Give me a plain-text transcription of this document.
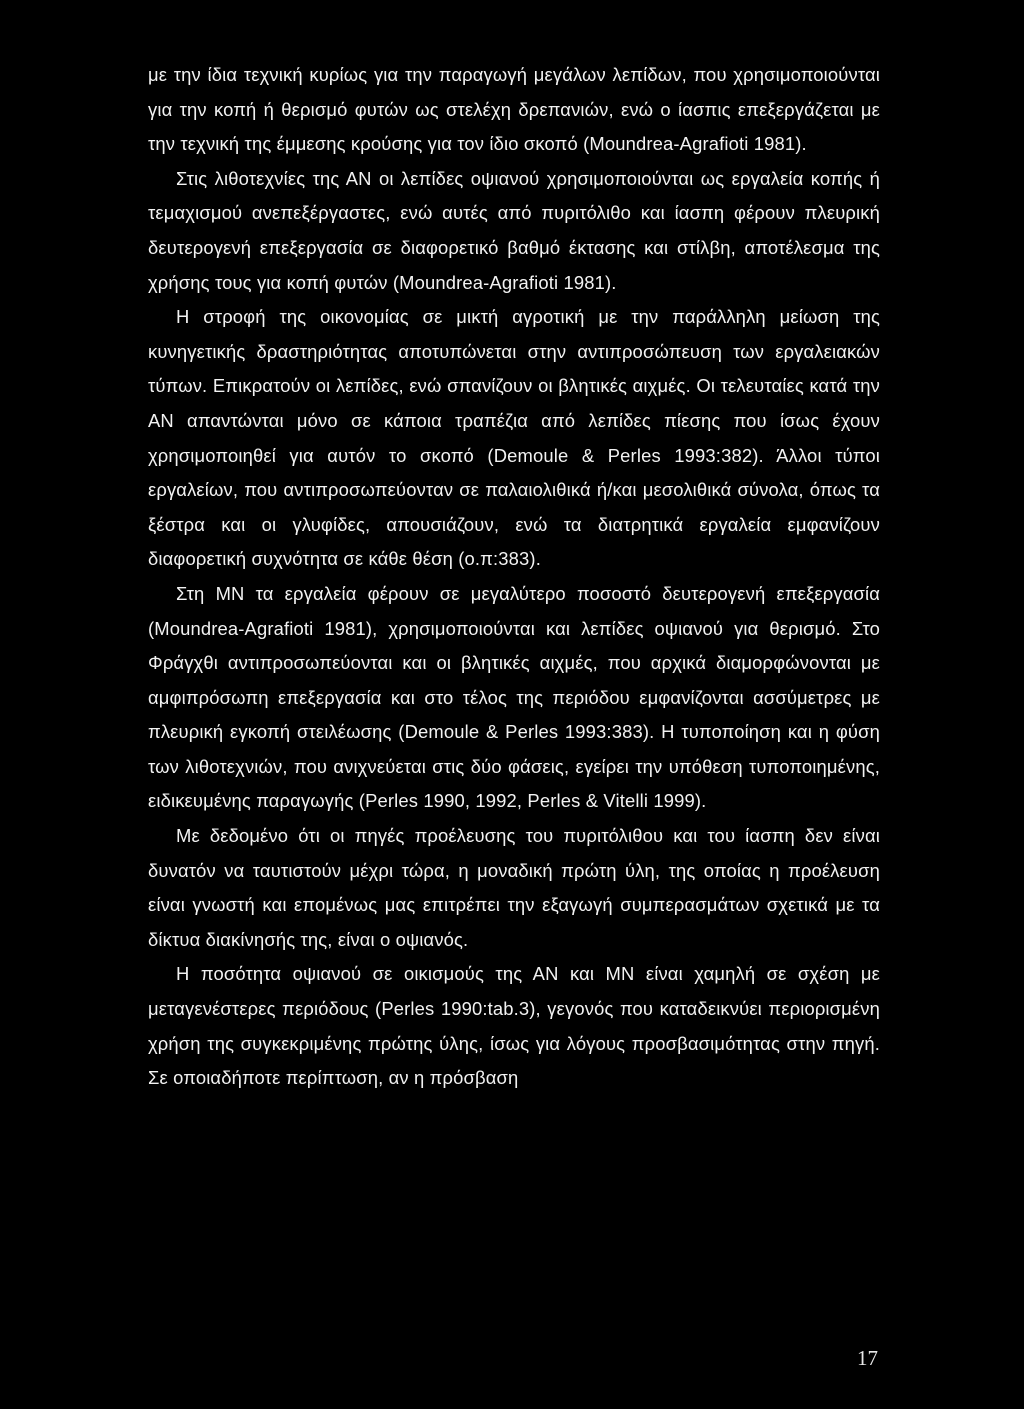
με την ίδια τεχνική κυρίως για την παραγωγή μεγάλων λεπίδων, που χρησιμοποιούνται για την κοπή ή θερισμό φυτών ως στελέχη δρεπανιών, ενώ ο ίασπις επεξεργάζεται με την τεχνική της έμμεσης κρούσης για τον ίδιο σκοπό (Moundrea-Agrafioti 1981).

Στις λιθοτεχνίες της ΑΝ οι λεπίδες οψιανού χρησιμοποιούνται ως εργαλεία κοπής ή τεμαχισμού ανεπεξέργαστες, ενώ αυτές από πυριτόλιθο και ίασπη φέρουν πλευρική δευτερογενή επεξεργασία σε διαφορετικό βαθμό έκτασης και στίλβη, αποτέλεσμα της χρήσης τους για κοπή φυτών (Moundrea-Agrafioti 1981).

Η στροφή της οικονομίας σε μικτή αγροτική με την παράλληλη μείωση της κυνηγετικής δραστηριότητας αποτυπώνεται στην αντιπροσώπευση των εργαλειακών τύπων. Επικρατούν οι λεπίδες, ενώ σπανίζουν οι βλητικές αιχμές. Οι τελευταίες κατά την ΑΝ απαντώνται μόνο σε κάποια τραπέζια από λεπίδες πίεσης που ίσως έχουν χρησιμοποιηθεί για αυτόν το σκοπό (Demoule & Perles 1993:382). Άλλοι τύποι εργαλείων, που αντιπροσωπεύονταν σε παλαιολιθικά ή/και μεσολιθικά σύνολα, όπως τα ξέστρα και οι γλυφίδες, απουσιάζουν, ενώ τα διατρητικά εργαλεία εμφανίζουν διαφορετική συχνότητα σε κάθε θέση (ο.π:383).

Στη ΜΝ τα εργαλεία φέρουν σε μεγαλύτερο ποσοστό δευτερογενή επεξεργασία (Moundrea-Agrafioti 1981), χρησιμοποιούνται και λεπίδες οψιανού για θερισμό. Στο Φράγχθι αντιπροσωπεύονται και οι βλητικές αιχμές, που αρχικά διαμορφώνονται με αμφιπρόσωπη επεξεργασία και στο τέλος της περιόδου εμφανίζονται ασσύμετρες με πλευρική εγκοπή στειλέωσης (Demoule & Perles 1993:383). Η τυποποίηση και η φύση των λιθοτεχνιών, που ανιχνεύεται στις δύο φάσεις, εγείρει την υπόθεση τυποποιημένης, ειδικευμένης παραγωγής (Perles 1990, 1992, Perles & Vitelli 1999).

Με δεδομένο ότι οι πηγές προέλευσης του πυριτόλιθου και του ίασπη δεν είναι δυνατόν να ταυτιστούν μέχρι τώρα, η μοναδική πρώτη ύλη, της οποίας η προέλευση είναι γνωστή και επομένως μας επιτρέπει την εξαγωγή συμπερασμάτων σχετικά με τα δίκτυα διακίνησής της, είναι ο οψιανός.

Η ποσότητα οψιανού σε οικισμούς της ΑΝ και ΜΝ είναι χαμηλή σε σχέση με μεταγενέστερες περιόδους (Perles 1990:tab.3), γεγονός που καταδεικνύει περιορισμένη χρήση της συγκεκριμένης πρώτης ύλης, ίσως για λόγους προσβασιμότητας στην πηγή. Σε οποιαδήποτε περίπτωση, αν η πρόσβαση

17
